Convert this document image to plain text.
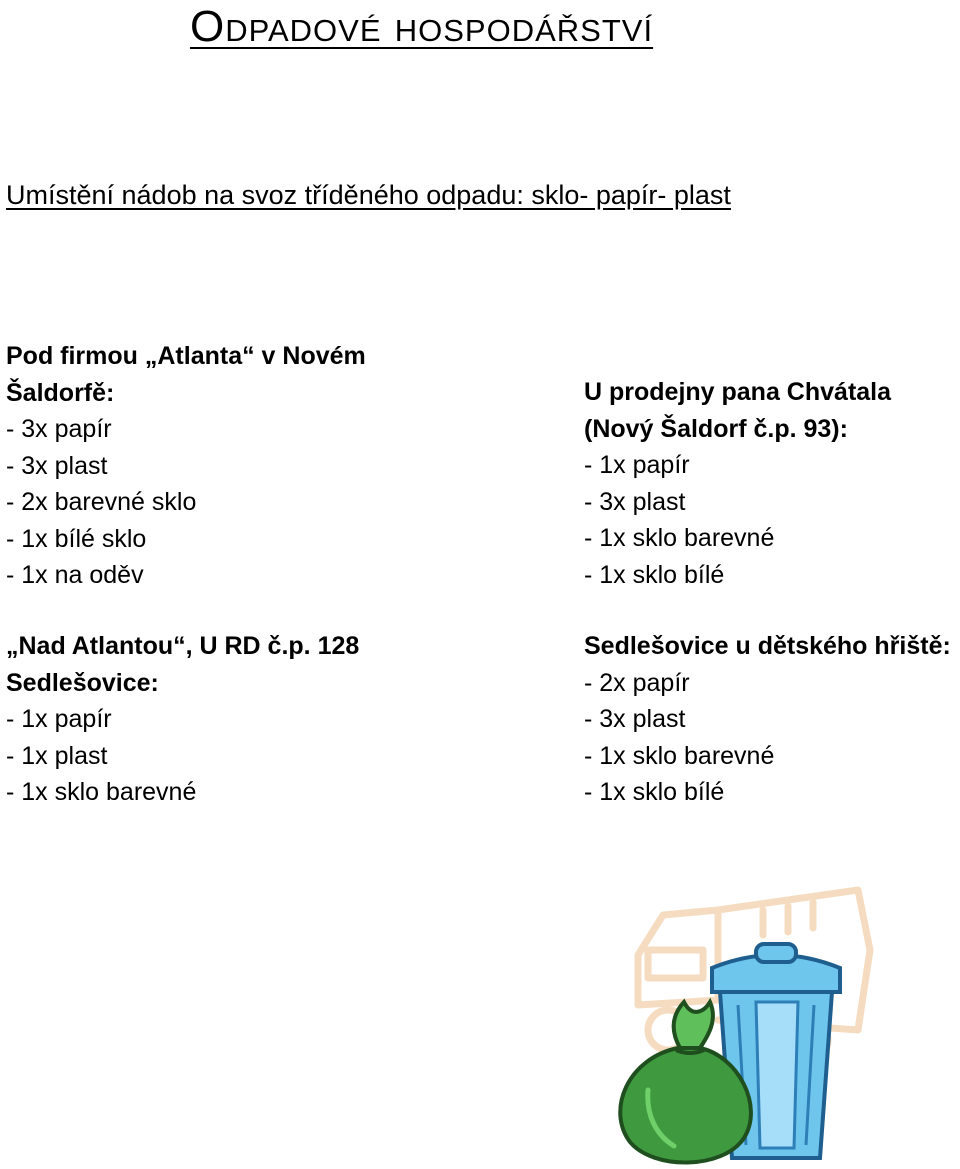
Odpadové hospodářství
Umístění nádob na svoz tříděného odpadu: sklo- papír- plast
Pod firmou „Atlanta“ v Novém
Šaldorfě:
- 3x papír
- 3x plast
- 2x barevné sklo
- 1x bílé sklo
- 1x na oděv
U prodejny pana Chvátala
(Nový Šaldorf č.p. 93):
- 1x papír
- 3x plast
- 1x sklo barevné
- 1x sklo bílé
„Nad Atlantou“, U RD č.p. 128
Sedlešovice:
- 1x papír
- 1x plast
- 1x sklo barevné
Sedlešovice u dětského hřiště:
- 2x papír
- 3x plast
- 1x sklo barevné
- 1x sklo bílé
